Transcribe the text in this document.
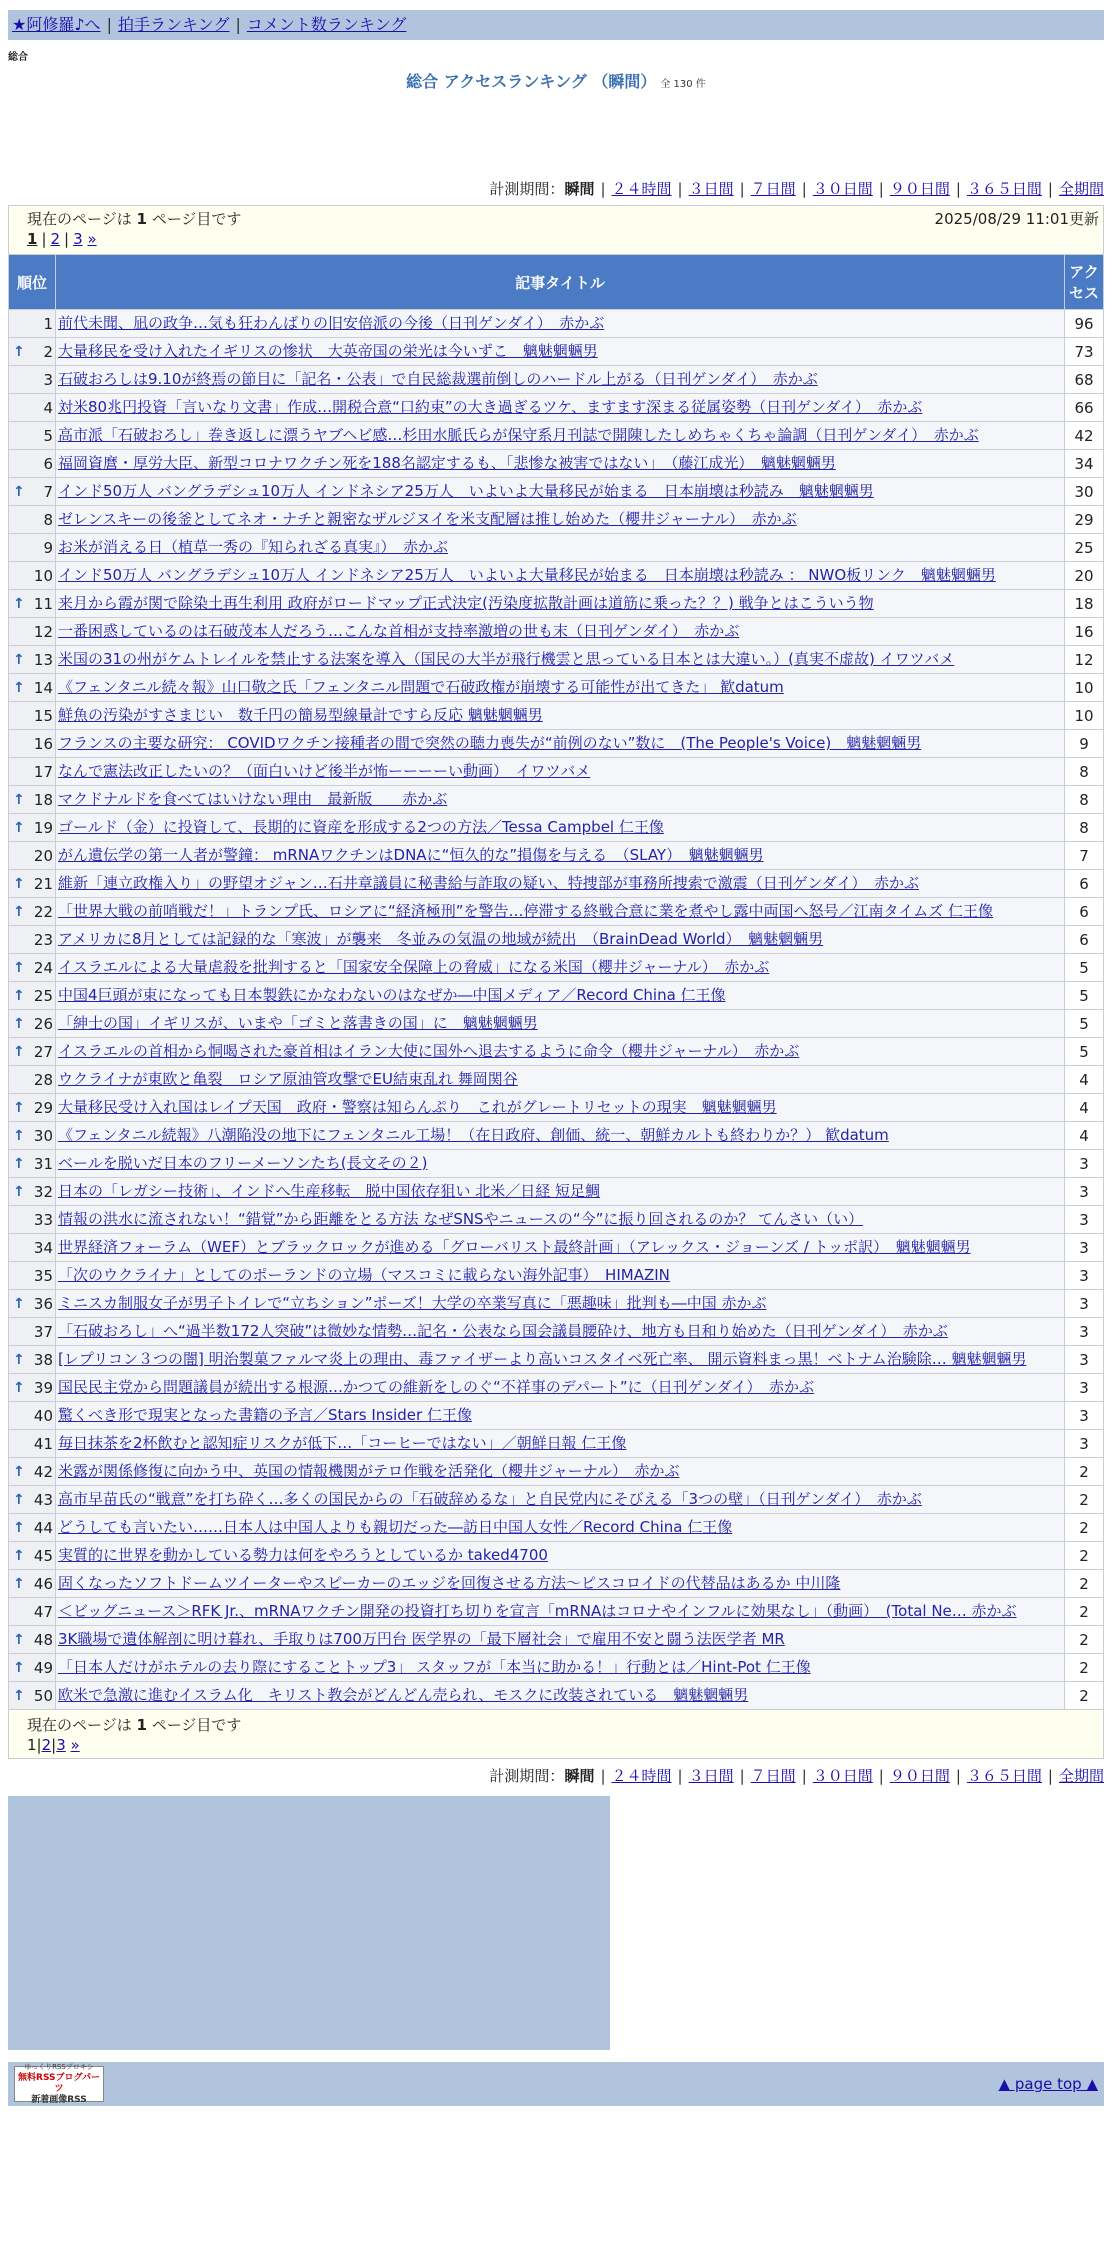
★阿修羅♪へ | 拍手ランキング | コメント数ランキング
総合
総合 アクセスランキング （瞬間） 全 130 件
計測期間：瞬間 | ２４時間 | ３日間 | ７日間 | ３０日間 | ９０日間 | ３６５日間 | 全期間
現在のページは 1 ページ目です	2025/08/29 11:01更新
1 | 2 | 3 »
順位	記事タイトル	アクセス
1	前代未聞、凪の政争…気も狂わんばりの旧安倍派の今後（日刊ゲンダイ）　赤かぶ	96

↑ 2	大量移民を受け入れたイギリスの惨状　大英帝国の栄光は今いずこ　魑魅魍魎男	73
3	石破おろしは9.10が終焉の節目に「記名・公表」で自民総裁選前倒しのハードル上がる（日刊ゲンダイ）　赤かぶ	68
4	対米80兆円投資「言いなり文書」作成…開税合意“口約束”の大き過ぎるツケ、ますます深まる従属姿勢（日刊ゲンダイ）　赤かぶ	66
5	高市派「石破おろし」巻き返しに漂うヤブヘビ感…杉田水脈氏らが保守系月刊誌で開陳したしめちゃくちゃ論調（日刊ゲンダイ）　赤かぶ	42
6	福岡資麿・厚労大臣、新型コロナワクチン死を188名認定するも、「悲惨な被害ではない」　（藤江成光）　魑魅魍魎男	34

↑ 7	インド50万人 バングラデシュ10万人 インドネシア25万人　いよいよ大量移民が始まる　日本崩壊は秒読み　魑魅魍魎男	30
8	ゼレンスキーの後釜としてネオ・ナチと親密なザルジヌイを米支配層は推し始めた（櫻井ジャーナル）　赤かぶ	29
9	お米が消える日（植草一秀の『知られざる真実』）　赤かぶ	25
10	インド50万人 バングラデシュ10万人 インドネシア25万人　いよいよ大量移民が始まる　日本崩壊は秒読み ： NWO板リンク　魑魅魍魎男	20

↑ 11	来月から霞が関で除染土再生利用 政府がロードマップ正式決定(汚染度拡散計画は道筋に乗った？？) 戦争とはこういう物	18
12	一番困惑しているのは石破茂本人だろう…こんな首相が支持率激増の世も末（日刊ゲンダイ）　赤かぶ	16

↑ 13	米国の31の州がケムトレイルを禁止する法案を導入（国民の大半が飛行機雲と思っている日本とは大違い。）(真実不虚故) イワツバメ	12

↑ 14	《フェンタニル続々報》山口敬之氏「フェンタニル問題で石破政権が崩壊する可能性が出てきた」 歓datum	10
15	鮮魚の汚染がすさまじい　数千円の簡易型線量計ですら反応 魑魅魍魎男	10
16	フランスの主要な研究： COVIDワクチン接種者の間で突然の聴力喪失が“前例のない”数に　(The People's Voice)　魑魅魍魎男	9
17	なんで憲法改正したいの？（面白いけど後半が怖ーーーーい動画）　イワツバメ	8

↑ 18	マクドナルドを食べてはいけない理由　最新版　　赤かぶ	8

↑ 19	ゴールド（金）に投資して、長期的に資産を形成する2つの方法／Tessa Campbel 仁王像	8
20	がん遺伝学の第一人者が警鐘： mRNAワクチンはDNAに“恒久的な”損傷を与える　（SLAY）　魑魅魍魎男	7

↑ 21	維新「連立政権入り」の野望オジャン…石井章議員に秘書給与詐取の疑い、特捜部が事務所捜索で激震（日刊ゲンダイ）　赤かぶ	6

↑ 22	「世界大戦の前哨戦だ！」トランプ氏、ロシアに“経済極刑”を警告…停滞する終戦合意に業を煮やし露中両国へ怒号／江南タイムズ 仁王像	6
23	アメリカに8月としては記録的な「寒波」が襲来　冬並みの気温の地域が続出　（BrainDead World）　魑魅魍魎男	6

↑ 24	イスラエルによる大量虐殺を批判すると「国家安全保障上の脅威」になる米国（櫻井ジャーナル）　赤かぶ	5

↑ 25	中国4巨頭が束になっても日本製鉄にかなわないのはなぜか―中国メディア／Record China 仁王像	5

↑ 26	「紳士の国」イギリスが、いまや「ゴミと落書きの国」に　魑魅魍魎男	5

↑ 27	イスラエルの首相から恫喝された豪首相はイラン大使に国外へ退去するように命令（櫻井ジャーナル）　赤かぶ	5
28	ウクライナが東欧と亀裂　ロシア原油管攻撃でEU結束乱れ 舞岡関谷	4

↑ 29	大量移民受け入れ国はレイプ天国　政府・警察は知らんぷり　これがグレートリセットの現実　魑魅魍魎男	4

↑ 30	《フェンタニル続報》八潮陥没の地下にフェンタニル工場！（在日政府、創価、統一、朝鮮カルトも終わりか？） 歓datum	4

↑ 31	ベールを脱いだ日本のフリーメーソンたち(長文その２)	3

↑ 32	日本の「レガシー技術」、インドへ生産移転　脱中国依存狙い 北米／日経 短足鯛	3
33	情報の洪水に流されない！“錯覚”から距離をとる方法 なぜSNSやニュースの“今”に振り回されるのか？ てんさい（い）	3
34	世界経済フォーラム（WEF）とブラックロックが進める「グローバリスト最終計画」（アレックス・ジョーンズ / トッポ訳）　魑魅魍魎男	3
35	「次のウクライナ」としてのポーランドの立場（マスコミに載らない海外記事）　HIMAZIN	3

↑ 36	ミニスカ制服女子が男子トイレで“立ちション”ポーズ！大学の卒業写真に「悪趣味」批判も―中国 赤かぶ	3
37	「石破おろし」へ“過半数172人突破”は微妙な情勢…記名・公表なら国会議員腰砕け、地方も日和り始めた（日刊ゲンダイ）　赤かぶ	3

↑ 38	[レプリコン３つの闇] 明治製菓ファルマ炎上の理由、毒ファイザーより高いコスタイベ死亡率、 開示資料まっ黒！ベトナム治験除… 魑魅魍魎男	3

↑ 39	国民民主党から問題議員が続出する根源…かつての維新をしのぐ“不祥事のデパート”に（日刊ゲンダイ）　赤かぶ	3
40	驚くべき形で現実となった書籍の予言／Stars Insider 仁王像	3
41	毎日抹茶を2杯飲むと認知症リスクが低下…「コーヒーではない」／朝鮮日報 仁王像	3

↑ 42	米露が関係修復に向かう中、英国の情報機関がテロ作戦を活発化（櫻井ジャーナル）　赤かぶ	2

↑ 43	高市早苗氏の“戦意”を打ち砕く…多くの国民からの「石破辞めるな」と自民党内にそびえる「3つの壁」（日刊ゲンダイ）　赤かぶ	2

↑ 44	どうしても言いたい……日本人は中国人よりも親切だった―訪日中国人女性／Record China 仁王像	2

↑ 45	実質的に世界を動かしている勢力は何をやろうとしているか taked4700	2

↑ 46	固くなったソフトドームツイーターやスピーカーのエッジを回復させる方法～ピスコロイドの代替品はあるか 中川隆	2
47	＜ビッグニュース＞RFK Jr.、mRNAワクチン開発の投資打ち切りを宣言「mRNAはコロナやインフルに効果なし」（動画）　(Total Ne… 赤かぶ	2

↑ 48	3K職場で遺体解剖に明け暮れ、手取りは700万円台 医学界の「最下層社会」で雇用不安と闘う法医学者 MR	2

↑ 49	「日本人だけがホテルの去り際にすることトップ3」 スタッフが「本当に助かる！」行動とは／Hint-Pot 仁王像	2

↑ 50	欧米で急激に進むイスラム化　キリスト教会がどんどん売られ、モスクに改装されている　魑魅魍魎男	2
現在のページは 1 ページ目です
1|2|3 »
計測期間：瞬間 | ２４時間 | ３日間 | ７日間 | ３０日間 | ９０日間 | ３６５日間 | 全期間
ゆっくりRSSプロキシ
無料RSSブログパーツ
新着画像RSS
▲ page top ▲
